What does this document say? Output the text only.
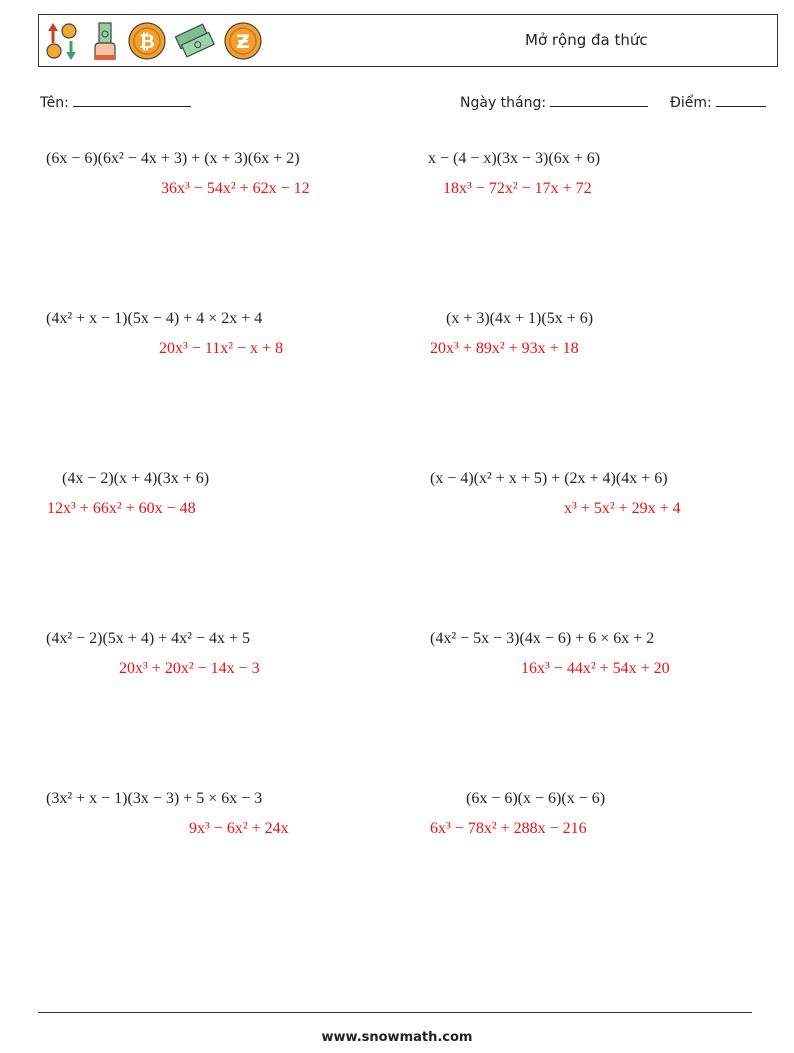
₿	Ƶ	Mở rộng đa thức
Tên:	Ngày tháng:	Điểm:
(6x − 6)(6x² − 4x + 3) + (x + 3)(6x + 2)
36x³ − 54x² + 62x − 12
x − (4 − x)(3x − 3)(6x + 6)
18x³ − 72x² − 17x + 72
(4x² + x − 1)(5x − 4) + 4 × 2x + 4
20x³ − 11x² − x + 8
(x + 3)(4x + 1)(5x + 6)
20x³ + 89x² + 93x + 18
(4x − 2)(x + 4)(3x + 6)
12x³ + 66x² + 60x − 48
(x − 4)(x² + x + 5) + (2x + 4)(4x + 6)
x³ + 5x² + 29x + 4
(4x² − 2)(5x + 4) + 4x² − 4x + 5
20x³ + 20x² − 14x − 3
(4x² − 5x − 3)(4x − 6) + 6 × 6x + 2
16x³ − 44x² + 54x + 20
(3x² + x − 1)(3x − 3) + 5 × 6x − 3
9x³ − 6x² + 24x
(6x − 6)(x − 6)(x − 6)
6x³ − 78x² + 288x − 216
www.snowmath.com
